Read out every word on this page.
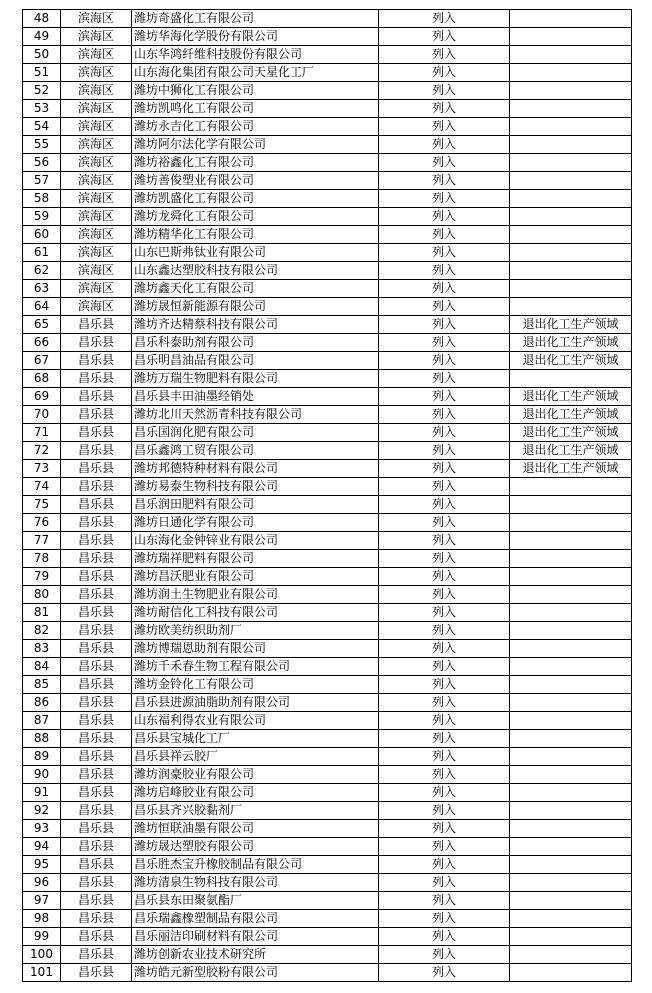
48	滨海区	潍坊奇盛化工有限公司	列入	
49	滨海区	潍坊华海化学股份有限公司	列入	
50	滨海区	山东华鸿纤维科技股份有限公司	列入	
51	滨海区	山东海化集团有限公司天星化工厂	列入	
52	滨海区	潍坊中狮化工有限公司	列入	
53	滨海区	潍坊凯鸣化工有限公司	列入	
54	滨海区	潍坊永吉化工有限公司	列入	
55	滨海区	潍坊阿尔法化学有限公司	列入	
56	滨海区	潍坊裕鑫化工有限公司	列入	
57	滨海区	潍坊善俊塑业有限公司	列入	
58	滨海区	潍坊凯盛化工有限公司	列入	
59	滨海区	潍坊龙舜化工有限公司	列入	
60	滨海区	潍坊精华化工有限公司	列入	
61	滨海区	山东巴斯弗钛业有限公司	列入	
62	滨海区	山东鑫达塑胶科技有限公司	列入	
63	滨海区	潍坊鑫天化工有限公司	列入	
64	滨海区	潍坊晟恒新能源有限公司	列入	
65	昌乐县	潍坊齐达精蔡科技有限公司	列入	退出化工生产领域
66	昌乐县	昌乐科泰助剂有限公司	列入	退出化工生产领域
67	昌乐县	昌乐明昌油品有限公司	列入	退出化工生产领域
68	昌乐县	潍坊万瑞生物肥料有限公司	列入	
69	昌乐县	昌乐县丰田油墨经销处	列入	退出化工生产领域
70	昌乐县	潍坊北川天然沥青科技有限公司	列入	退出化工生产领域
71	昌乐县	昌乐国润化肥有限公司	列入	退出化工生产领域
72	昌乐县	昌乐鑫鸿工贸有限公司	列入	退出化工生产领域
73	昌乐县	潍坊邦德特种材料有限公司	列入	退出化工生产领域
74	昌乐县	潍坊易泰生物科技有限公司	列入	
75	昌乐县	昌乐润田肥料有限公司	列入	
76	昌乐县	潍坊日通化学有限公司	列入	
77	昌乐县	山东海化金钟锌业有限公司	列入	
78	昌乐县	潍坊瑞祥肥料有限公司	列入	
79	昌乐县	潍坊昌沃肥业有限公司	列入	
80	昌乐县	潍坊润土生物肥业有限公司	列入	
81	昌乐县	潍坊耐信化工科技有限公司	列入	
82	昌乐县	潍坊欧美纺织助剂厂	列入	
83	昌乐县	潍坊博瑞恩助剂有限公司	列入	
84	昌乐县	潍坊千禾春生物工程有限公司	列入	
85	昌乐县	潍坊金铃化工有限公司	列入	
86	昌乐县	昌乐县进源油脂助剂有限公司	列入	
87	昌乐县	山东福利得农业有限公司	列入	
88	昌乐县	昌乐县宝城化工厂	列入	
89	昌乐县	昌乐县祥云胶厂	列入	
90	昌乐县	潍坊润豪胶业有限公司	列入	
91	昌乐县	潍坊启峰胶业有限公司	列入	
92	昌乐县	昌乐县齐兴胶黏剂厂	列入	
93	昌乐县	潍坊恒联油墨有限公司	列入	
94	昌乐县	潍坊晟达塑胶有限公司	列入	
95	昌乐县	昌乐胜杰宝升橡胶制品有限公司	列入	
96	昌乐县	潍坊清泉生物科技有限公司	列入	
97	昌乐县	昌乐县东田聚氨酯厂	列入	
98	昌乐县	昌乐瑞鑫橡塑制品有限公司	列入	
99	昌乐县	昌乐丽洁印刷材料有限公司	列入	
100	昌乐县	潍坊创新农业技术研究所	列入	
101	昌乐县	潍坊皓元新型胶粉有限公司	列入	
